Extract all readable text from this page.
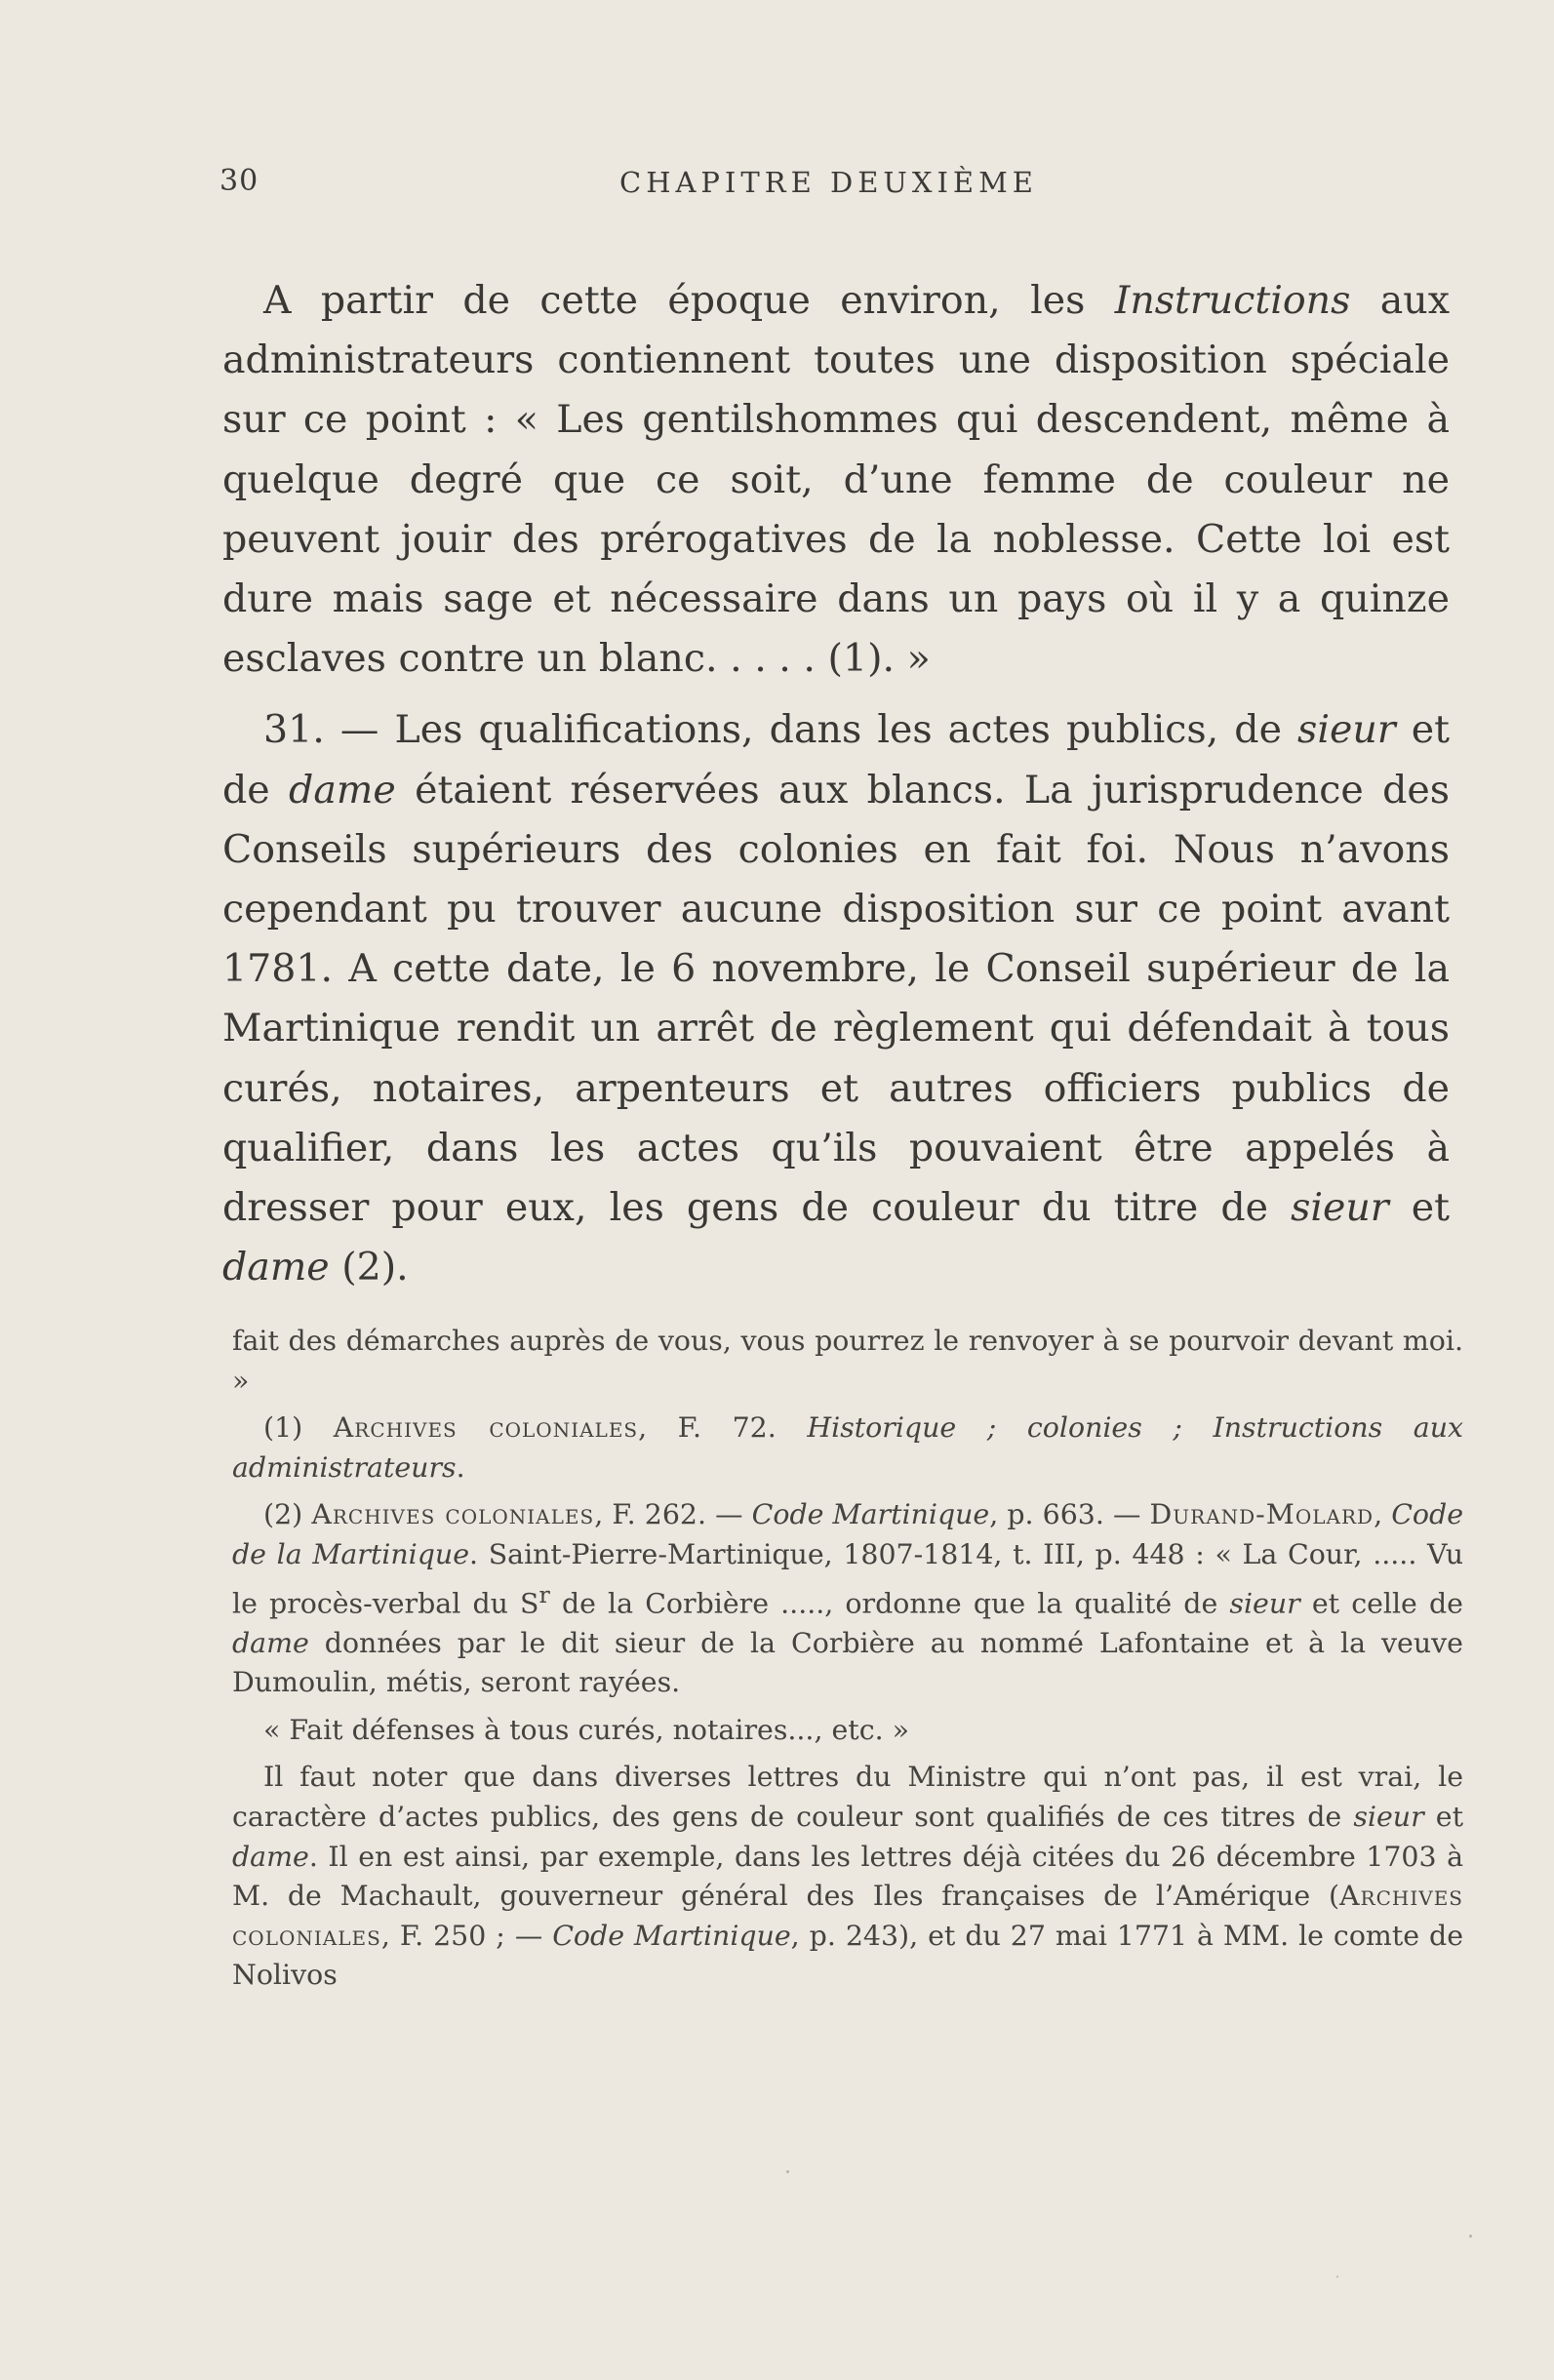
30	CHAPITRE DEUXIÈME

A partir de cette époque environ, les Instructions aux administrateurs contiennent toutes une disposition spéciale sur ce point : « Les gentilshommes qui descendent, même à quelque degré que ce soit, d’une femme de couleur ne peuvent jouir des prérogatives de la noblesse. Cette loi est dure mais sage et nécessaire dans un pays où il y a quinze esclaves contre un blanc. . . . . (1). »

31. — Les qualifications, dans les actes publics, de sieur et de dame étaient réservées aux blancs. La jurisprudence des Conseils supérieurs des colonies en fait foi. Nous n’avons cependant pu trouver aucune disposition sur ce point avant 1781. A cette date, le 6 novembre, le Conseil supérieur de la Martinique rendit un arrêt de règlement qui défendait à tous curés, notaires, arpenteurs et autres officiers publics de qualifier, dans les actes qu’ils pouvaient être appelés à dresser pour eux, les gens de couleur du titre de sieur et dame (2).

fait des démarches auprès de vous, vous pourrez le renvoyer à se pourvoir devant moi. »

(1) Archives coloniales, F. 72. Historique ; colonies ; Instructions aux administrateurs.

(2) Archives coloniales, F. 262. — Code Martinique, p. 663. — Durand-Molard, Code de la Martinique. Saint-Pierre-Martinique, 1807-1814, t. III, p. 448 : « La Cour, ..... Vu le procès-verbal du $S^r$ de la Corbière ....., ordonne que la qualité de sieur et celle de dame données par le dit sieur de la Corbière au nommé Lafontaine et à la veuve Dumoulin, métis, seront rayées.

« Fait défenses à tous curés, notaires..., etc. »

Il faut noter que dans diverses lettres du Ministre qui n’ont pas, il est vrai, le caractère d’actes publics, des gens de couleur sont qualifiés de ces titres de sieur et dame. Il en est ainsi, par exemple, dans les lettres déjà citées du 26 décembre 1703 à M. de Machault, gouverneur général des Iles françaises de l’Amérique (Archives coloniales, F. 250 ; — Code Martinique, p. 243), et du 27 mai 1771 à MM. le comte de Nolivos
